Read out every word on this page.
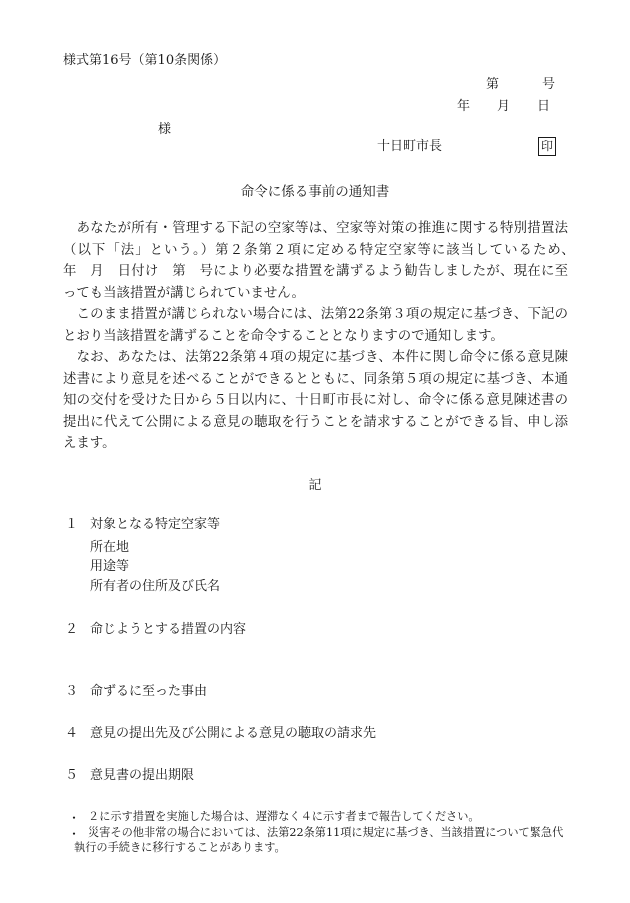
様式第16号（第10条関係）
第	号
年 月 日
様
十日町市長	印
命令に係る事前の通知書

　あなたが所有・管理する下記の空家等は、空家等対策の推進に関する特別措置法（以下「法」という。）第２条第２項に定める特定空家等に該当しているため、　　　年　月　日付け　第　号により必要な措置を講ずるよう勧告しましたが、現在に至っても当該措置が講じられていません。

　このまま措置が講じられない場合には、法第22条第３項の規定に基づき、下記のとおり当該措置を講ずることを命令することとなりますので通知します。

　なお、あなたは、法第22条第４項の規定に基づき、本件に関し命令に係る意見陳述書により意見を述べることができるとともに、同条第５項の規定に基づき、本通知の交付を受けた日から５日以内に、十日町市長に対し、命令に係る意見陳述書の提出に代えて公開による意見の聴取を行うことを請求することができる旨、申し添えます。

記
１ 対象となる特定空家等
所在地
用途等
所有者の住所及び氏名
２ 命じようとする措置の内容
３ 命ずるに至った事由
４ 意見の提出先及び公開による意見の聴取の請求先
５ 意見書の提出期限
・ ２に示す措置を実施した場合は、遅滞なく４に示す者まで報告してください。
・ 災害その他非常の場合においては、法第22条第11項に規定に基づき、当該措置について緊急代
執行の手続きに移行することがあります。
